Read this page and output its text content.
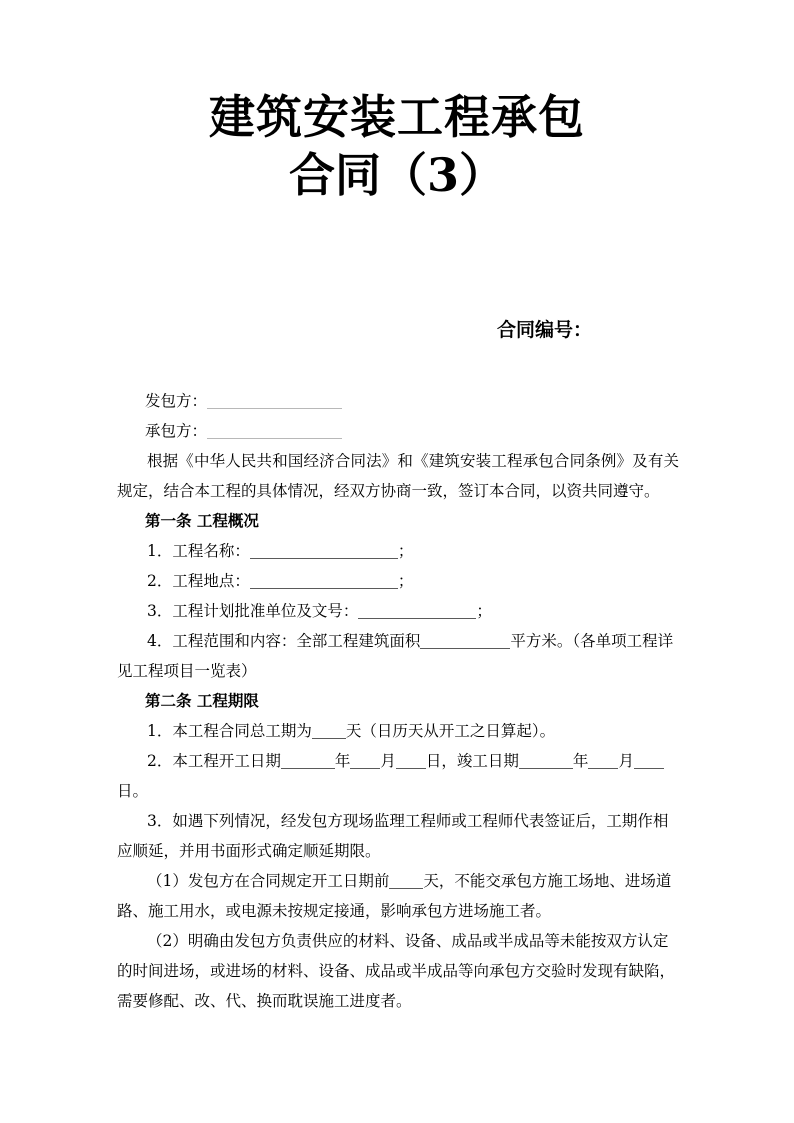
建筑安装工程承包
合同（3）
合同编号：

发包方：

承包方：

根据《中华人民共和国经济合同法》和《建筑安装工程承包合同条例》及有关规定，结合本工程的具体情况，经双方协商一致，签订本合同，以资共同遵守。

第一条 工程概况

1．工程名称：	；

2．工程地点：	；

3．工程计划批准单位及文号：	；

4．工程范围和内容：全部工程建筑面积	平方米。（各单项工程详见工程项目一览表）

第二条 工程期限

1．本工程合同总工期为 天（日历天从开工之日算起）。

2．本工程开工日期	年 月 日，竣工日期	年 月日。

3．如遇下列情况，经发包方现场监理工程师或工程师代表签证后，工期作相应顺延，并用书面形式确定顺延期限。

（1）发包方在合同规定开工日期前 天，不能交承包方施工场地、进场道路、施工用水，或电源未按规定接通，影响承包方进场施工者。

（2）明确由发包方负责供应的材料、设备、成品或半成品等未能按双方认定的时间进场，或进场的材料、设备、成品或半成品等向承包方交验时发现有缺陷，需要修配、改、代、换而耽误施工进度者。
